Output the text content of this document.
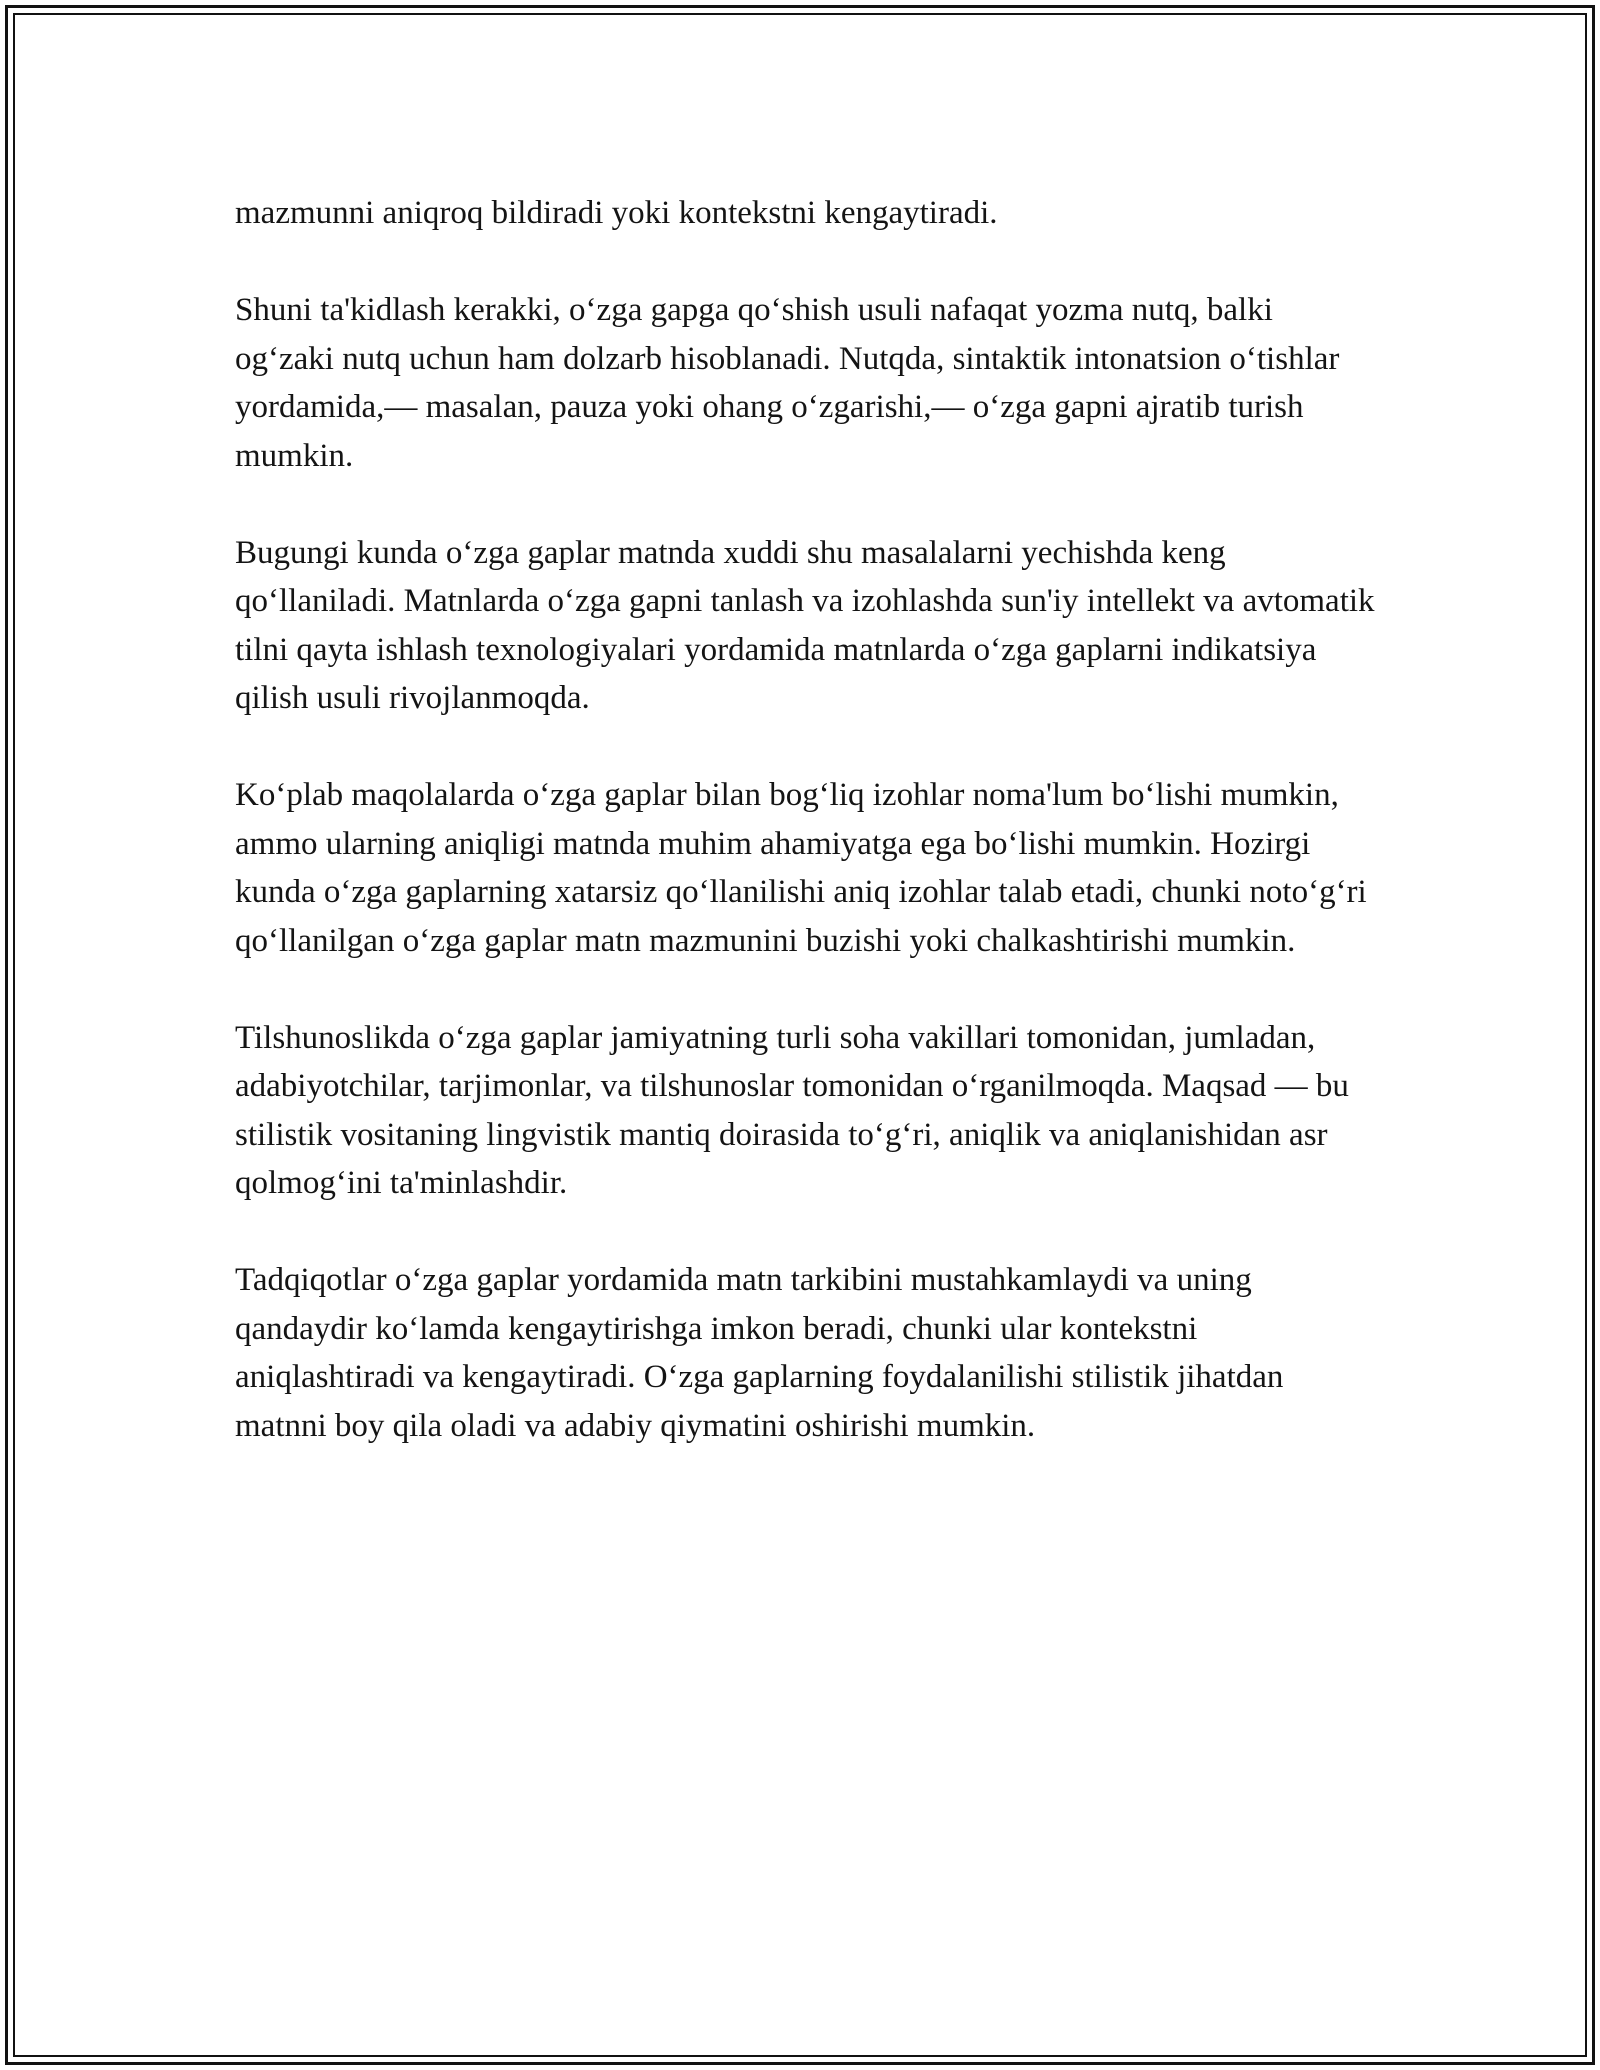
mazmunni aniqroq bildiradi yoki kontekstni kengaytiradi.

Shuni ta'kidlash kerakki, o‘zga gapga qo‘shish usuli nafaqat yozma nutq, balki og‘zaki nutq uchun ham dolzarb hisoblanadi. Nutqda, sintaktik intonatsion o‘tishlar yordamida,— masalan, pauza yoki ohang o‘zgarishi,— o‘zga gapni ajratib turish mumkin.

Bugungi kunda o‘zga gaplar matnda xuddi shu masalalarni yechishda keng qo‘llaniladi. Matnlarda o‘zga gapni tanlash va izohlashda sun'iy intellekt va avtomatik tilni qayta ishlash texnologiyalari yordamida matnlarda o‘zga gaplarni indikatsiya qilish usuli rivojlanmoqda.

Ko‘plab maqolalarda o‘zga gaplar bilan bog‘liq izohlar noma'lum bo‘lishi mumkin, ammo ularning aniqligi matnda muhim ahamiyatga ega bo‘lishi mumkin. Hozirgi kunda o‘zga gaplarning xatarsiz qo‘llanilishi aniq izohlar talab etadi, chunki noto‘g‘ri qo‘llanilgan o‘zga gaplar matn mazmunini buzishi yoki chalkashtirishi mumkin.

Tilshunoslikda o‘zga gaplar jamiyatning turli soha vakillari tomonidan, jumladan, adabiyotchilar, tarjimonlar, va tilshunoslar tomonidan o‘rganilmoqda. Maqsad — bu stilistik vositaning lingvistik mantiq doirasida to‘g‘ri, aniqlik va aniqlanishidan asr qolmog‘ini ta'minlashdir.

Tadqiqotlar o‘zga gaplar yordamida matn tarkibini mustahkamlaydi va uning qandaydir ko‘lamda kengaytirishga imkon beradi, chunki ular kontekstni aniqlashtiradi va kengaytiradi. O‘zga gaplarning foydalanilishi stilistik jihatdan matnni boy qila oladi va adabiy qiymatini oshirishi mumkin.
